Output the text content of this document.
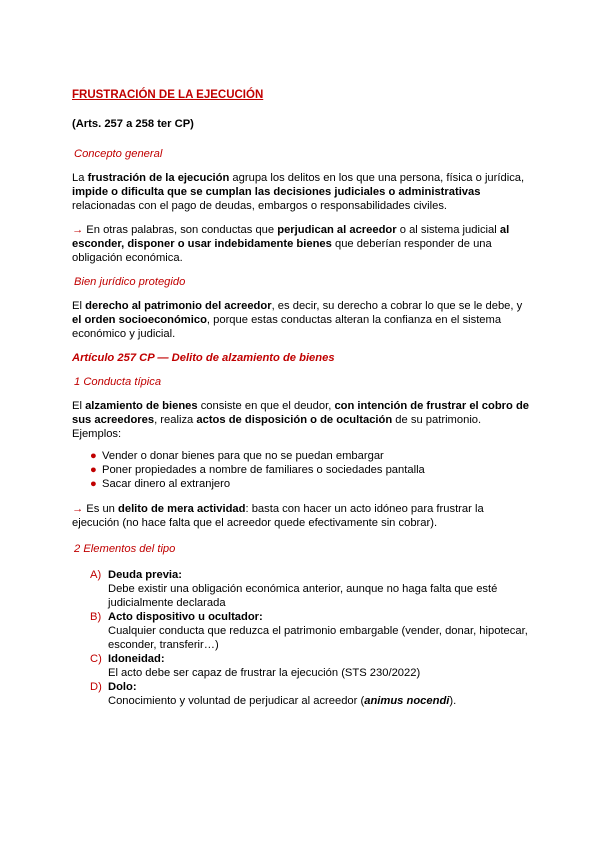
FRUSTRACIÓN DE LA EJECUCIÓN
(Arts. 257 a 258 ter CP)
Concepto general

La frustración de la ejecución agrupa los delitos en los que una persona, física o jurídica, impide o dificulta que se cumplan las decisiones judiciales o administrativas relacionadas con el pago de deudas, embargos o responsabilidades civiles.

→ En otras palabras, son conductas que perjudican al acreedor o al sistema judicial al esconder, disponer o usar indebidamente bienes que deberían responder de una obligación económica.

Bien jurídico protegido

El derecho al patrimonio del acreedor, es decir, su derecho a cobrar lo que se le debe, y el orden socioeconómico, porque estas conductas alteran la confianza en el sistema económico y judicial.

Artículo 257 CP — Delito de alzamiento de bienes
1 Conducta típica

El alzamiento de bienes consiste en que el deudor, con intención de frustrar el cobro de sus acreedores, realiza actos de disposición o de ocultación de su patrimonio.
Ejemplos:

● Vender o donar bienes para que no se puedan embargar
● Poner propiedades a nombre de familiares o sociedades pantalla
● Sacar dinero al extranjero

→ Es un delito de mera actividad: basta con hacer un acto idóneo para frustrar la ejecución (no hace falta que el acreedor quede efectivamente sin cobrar).

2 Elementos del tipo
A) Deuda previa:
Debe existir una obligación económica anterior, aunque no haga falta que esté judicialmente declarada
B) Acto dispositivo u ocultador:
Cualquier conducta que reduzca el patrimonio embargable (vender, donar, hipotecar, esconder, transferir…)
C) Idoneidad:
El acto debe ser capaz de frustrar la ejecución (STS 230/2022)
D) Dolo:
Conocimiento y voluntad de perjudicar al acreedor (animus nocendi).
